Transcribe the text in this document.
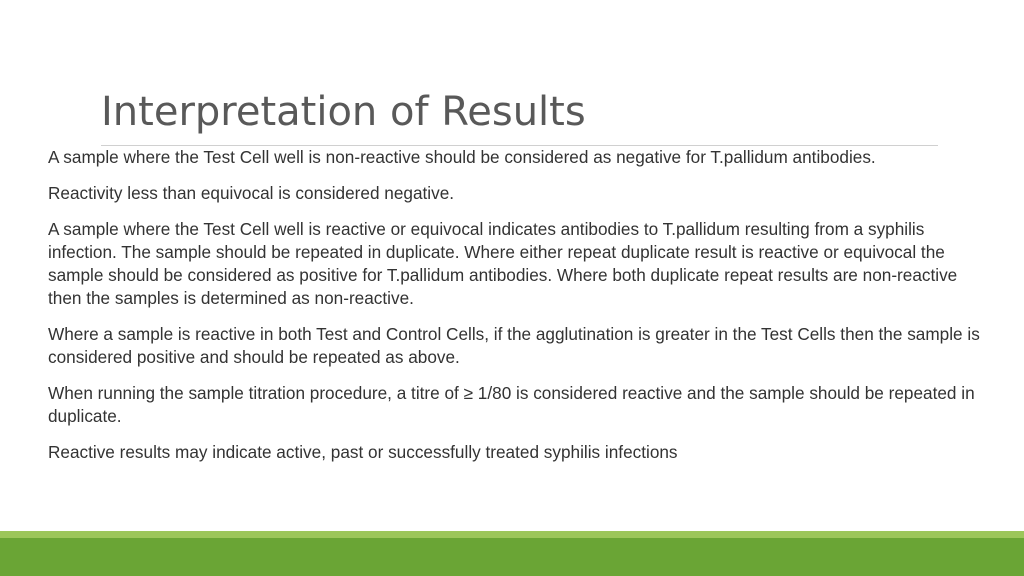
Interpretation of Results

A sample where the Test Cell well is non-reactive should be considered as negative for T.pallidum antibodies.

Reactivity less than equivocal is considered negative.

A sample where the Test Cell well is reactive or equivocal indicates antibodies to T.pallidum resulting from a syphilis infection. The sample should be repeated in duplicate. Where either repeat duplicate result is reactive or equivocal the sample should be considered as positive for T.pallidum antibodies. Where both duplicate repeat results are non-reactive then the samples is determined as non-reactive.

Where a sample is reactive in both Test and Control Cells, if the agglutination is greater in the Test Cells then the sample is considered positive and should be repeated as above.

When running the sample titration procedure, a titre of ≥ 1/80 is considered reactive and the sample should be repeated in duplicate.

Reactive results may indicate active, past or successfully treated syphilis infections
